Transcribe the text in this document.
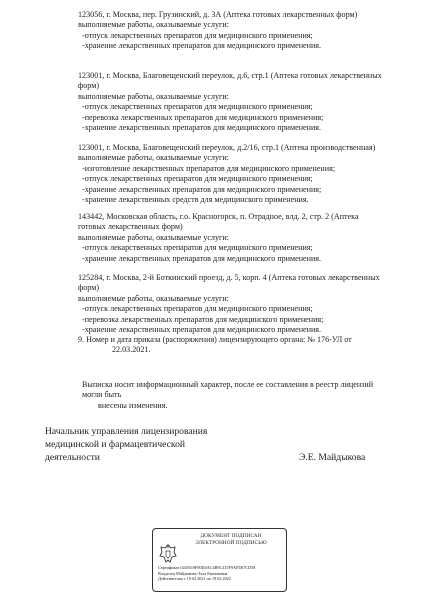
123056, г. Москва, пер. Грузинский, д. 3А (Аптека готовых лекарственных форм)
выполняемые работы, оказываемые услуги:
-отпуск лекарственных препаратов для медицинского применения;
-хранение лекарственных препаратов для медицинского применения.
123001, г. Москва, Благовещенский переулок, д.6, стр.1 (Аптека готовых лекарственных
форм)
выполняемые работы, оказываемые услуги:
-отпуск лекарственных препаратов для медицинского применения;
-перевозка лекарственных препаратов для медицинского применения;
-хранение лекарственных препаратов для медицинского применения.
123001, г. Москва, Благовещенский переулок, д.2/16, стр.1 (Аптека производственная)
выполняемые работы, оказываемые услуги:
-изготовление лекарственных препаратов для медицинского применения;
-отпуск лекарственных препаратов для медицинского применения;
-хранение лекарственных препаратов для медицинского применения;
-хранение лекарственных средств для медицинского применения.
143442, Московская область, г.о. Красногорск, п. Отрадное, влд. 2, стр. 2 (Аптека
готовых лекарственных форм)
выполняемые работы, оказываемые услуги:
-отпуск лекарственных препаратов для медицинского применения;
-хранение лекарственных препаратов для медицинского применения.
125284, г. Москва, 2-й Боткинский проезд, д. 5, корп. 4 (Аптека готовых лекарственных
форм)
выполняемые работы, оказываемые услуги:
-отпуск лекарственных препаратов для медицинского применения;
-перевозка лекарственных препаратов для медицинского применения;
-хранение лекарственных препаратов для медицинского применения.
9. Номер и дата приказа (распоряжения) лицензирующего органа: № 176-УЛ от
22.03.2021.
Выписка носит информационный характер, после ее составления в реестр лицензий могли быть
внесены изменения.
Начальник управления лицензирования
медицинской и фармацевтической
деятельности	Э.Е. Майдыкова
ДОКУМЕНТ ПОДПИСАН
ЭЛЕКТРОННОЙ ПОДПИСЬЮ
Сертификат 0240319F00D4AC4B9C415F9AF5B7CD58
Владелец Майдыкова Элла Евгеньевна
Действителен с 19.02.2021 по 19.02.2022
